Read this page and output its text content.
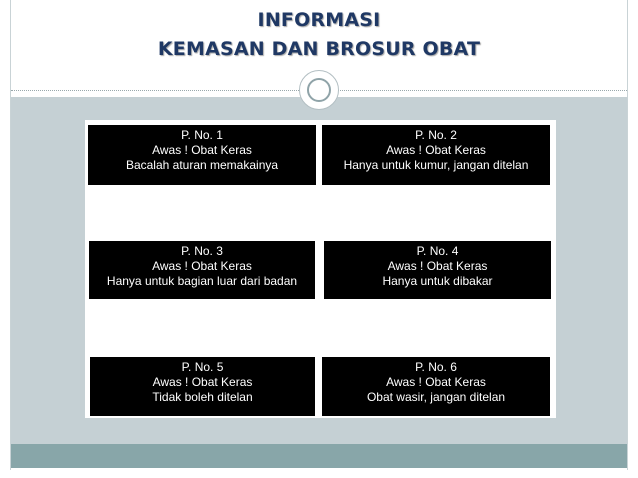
INFORMASI
KEMASAN DAN BROSUR OBAT
P. No. 1
Awas ! Obat Keras
Bacalah aturan memakainya
P. No. 2
Awas ! Obat Keras
Hanya untuk kumur, jangan ditelan
P. No. 3
Awas ! Obat Keras
Hanya untuk bagian luar dari badan
P. No. 4
Awas ! Obat Keras
Hanya untuk dibakar
P. No. 5
Awas ! Obat Keras
Tidak boleh ditelan
P. No. 6
Awas ! Obat Keras
Obat wasir, jangan ditelan
